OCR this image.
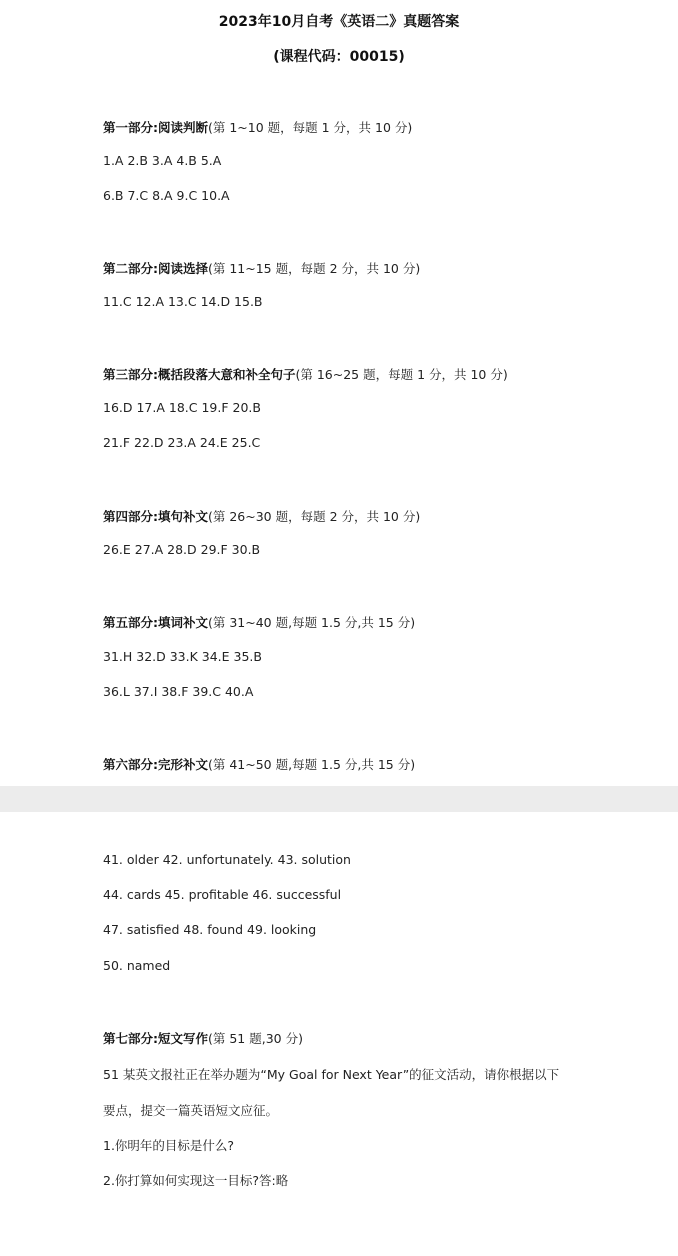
2023年10月自考《英语二》真题答案
(课程代码：00015)
第一部分:阅读判断(第 1~10 题，每题 1 分，共 10 分)
1.A 2.B 3.A 4.B 5.A
6.B 7.C 8.A 9.C 10.A
第二部分:阅读选择(第 11~15 题，每题 2 分，共 10 分)
11.C 12.A 13.C 14.D 15.B
第三部分:概括段落大意和补全句子(第 16~25 题，每题 1 分，共 10 分)
16.D 17.A 18.C 19.F 20.B
21.F 22.D 23.A 24.E 25.C
第四部分:填句补文(第 26~30 题，每题 2 分，共 10 分)
26.E 27.A 28.D 29.F 30.B
第五部分:填词补文(第 31~40 题,每题 1.5 分,共 15 分)
31.H 32.D 33.K 34.E 35.B
36.L 37.I 38.F 39.C 40.A
第六部分:完形补文(第 41~50 题,每题 1.5 分,共 15 分)
41. older 42. unfortunately. 43. solution
44. cards 45. profitable 46. successful
47. satisfied 48. found 49. looking
50. named
第七部分:短文写作(第 51 题,30 分)
51 某英文报社正在举办题为“My Goal for Next Year”的征文活动，请你根据以下
要点，提交一篇英语短文应征。
1.你明年的目标是什么?
2.你打算如何实现这一目标?答:略
